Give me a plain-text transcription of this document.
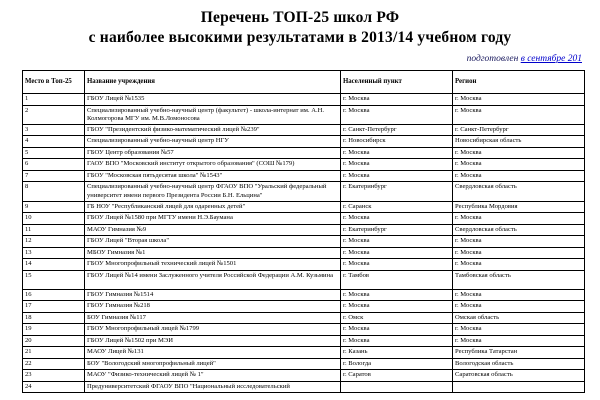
Перечень ТОП-25 школ РФ
с наиболее высокими результатами в 2013/14 учебном году
подготовлен в сентябре 201
Место в Топ-25	Название учреждения	Населенный пункт	Регион
1	ГБОУ Лицей №1535	г. Москва	г. Москва
2	Специализированный учебно-научный центр (факультет) - школа-интернат им. А.Н. Колмогорова МГУ им. М.В.Ломоносова	г. Москва	г. Москва
3	ГБОУ "Президентский физико-математический лицей №239"	г. Санкт-Петербург	г. Санкт-Петербург
4	Специализированный учебно-научный центр НГУ	г. Новосибирск	Новосибирская область
5	ГБОУ Центр образования №57	г. Москва	г. Москва
6	ГАОУ ВПО "Московский институт открытого образования" (СОШ №179)	г. Москва	г. Москва
7	ГБОУ "Московская пятьдесятая школа" №1543"	г. Москва	г. Москва
8	Специализированный учебно-научный центр ФГАОУ ВПО "Уральский федеральный университет имени первого Президента России Б.Н. Ельцина"	г. Екатеринбург	Свердловская область
9	ГБ НОУ "Республиканский лицей для одаренных детей"	г. Саранск	Республика Мордовия
10	ГБОУ Лицей №1580 при МГТУ имени Н.Э.Баумана	г. Москва	г. Москва
11	МАОУ Гимназия №9	г. Екатеринбург	Свердловская область
12	ГБОУ Лицей "Вторая школа"	г. Москва	г. Москва
13	МБОУ Гимназия №1	г. Москва	г. Москва
14	ГБОУ Многопрофильный технический лицей №1501	г. Москва	г. Москва
15	ГБОУ Лицей №14 имени Заслуженного учителя Российской Федерации А.М. Кузьмина	г. Тамбов	Тамбовская область
16	ГБОУ Гимназия №1514	г. Москва	г. Москва
17	ГБОУ Гимназия №218	г. Москва	г. Москва
18	БОУ Гимназия №117	г. Омск	Омская область
19	ГБОУ Многопрофильный лицей №1799	г. Москва	г. Москва
20	ГБОУ Лицей №1502 при МЭИ	г. Москва	г. Москва
21	МАОУ Лицей №131	г. Казань	Республика Татарстан
22	БОУ "Вологодский многопрофильный лицей"	г. Вологда	Вологодская область
23	МАОУ "Физико-технический лицей № 1"	г. Саратов	Саратовская область
24	Предуниверситетский ФГАОУ ВПО "Национальный исследовательский		
